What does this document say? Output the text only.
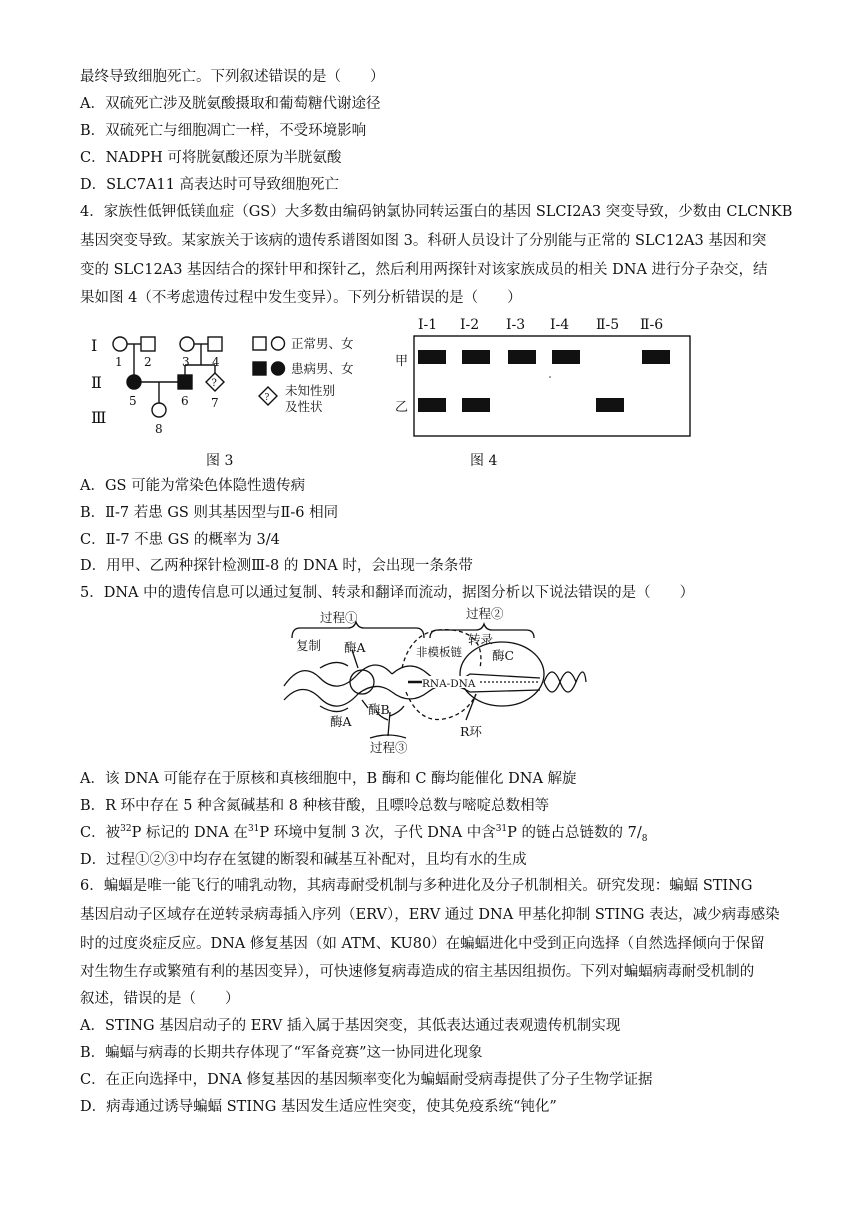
最终导致细胞死亡。下列叙述错误的是（　　）
A．双硫死亡涉及胱氨酸摄取和葡萄糖代谢途径
B．双硫死亡与细胞凋亡一样，不受环境影响
C．NADPH 可将胱氨酸还原为半胱氨酸
D．SLC7A11 高表达时可导致细胞死亡
4．家族性低钾低镁血症（GS）大多数由编码钠氯协同转运蛋白的基因 SLCI2A3 突变导致，少数由 CLCNKB
基因突变导致。某家族关于该病的遗传系谱图如图 3。科研人员设计了分别能与正常的 SLC12A3 基因和突
变的 SLC12A3 基因结合的探针甲和探针乙，然后利用两探针对该家族成员的相关 DNA 进行分子杂交，结
果如图 4（不考虑遗传过程中发生变异）。下列分析错误的是（　　）
Ⅰ
Ⅱ
Ⅲ
1 2	3 4
5	6 7
8
?
?
正常男、女
患病男、女
未知性别
及性状
Ⅰ-1 Ⅰ-2 Ⅰ-3 Ⅰ-4 Ⅱ-5 Ⅱ-6
甲
乙
图 3	图 4
A．GS 可能为常染色体隐性遗传病
B．Ⅱ-7 若患 GS 则其基因型与Ⅱ-6 相同
C．Ⅱ-7 不患 GS 的概率为 3/4
D．用甲、乙两种探针检测Ⅲ-8 的 DNA 时，会出现一条条带
5．DNA 中的遗传信息可以通过复制、转录和翻译而流动，据图分析以下说法错误的是（　　）
过程①
复制 酶A
过程②
转录
非模板链 酶C
RNA-DNA
酶B
酶A
过程③
R环
A．该 DNA 可能存在于原核和真核细胞中，B 酶和 C 酶均能催化 DNA 解旋
B．R 环中存在 5 种含氮碱基和 8 种核苷酸，且嘌呤总数与嘧啶总数相等
C．被$^{32}$P 标记的 DNA 在$^{31}$P 环境中复制 3 次，子代 DNA 中含$^{31}$P 的链占总链数的 $7/_8$
D．过程①②③中均存在氢键的断裂和碱基互补配对，且均有水的生成
6．蝙蝠是唯一能飞行的哺乳动物，其病毒耐受机制与多种进化及分子机制相关。研究发现：蝙蝠 STING
基因启动子区域存在逆转录病毒插入序列（ERV），ERV 通过 DNA 甲基化抑制 STING 表达，减少病毒感染
时的过度炎症反应。DNA 修复基因（如 ATM、KU80）在蝙蝠进化中受到正向选择（自然选择倾向于保留
对生物生存或繁殖有利的基因变异），可快速修复病毒造成的宿主基因组损伤。下列对蝙蝠病毒耐受机制的
叙述，错误的是（　　）
A．STING 基因启动子的 ERV 插入属于基因突变，其低表达通过表观遗传机制实现
B．蝙蝠与病毒的长期共存体现了“军备竞赛”这一协同进化现象
C．在正向选择中，DNA 修复基因的基因频率变化为蝙蝠耐受病毒提供了分子生物学证据
D．病毒通过诱导蝙蝠 STING 基因发生适应性突变，使其免疫系统“钝化”
